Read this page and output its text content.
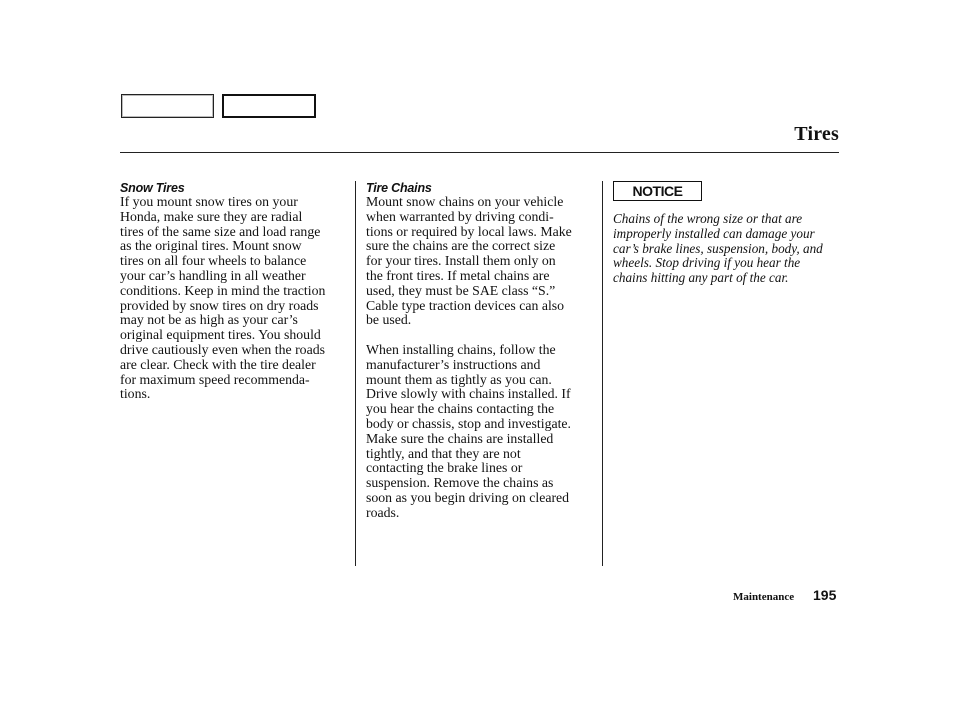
Tires
Snow Tires

If you mount snow tires on your
Honda, make sure they are radial
tires of the same size and load range
as the original tires. Mount snow
tires on all four wheels to balance
your car’s handling in all weather
conditions. Keep in mind the traction
provided by snow tires on dry roads
may not be as high as your car’s
original equipment tires. You should
drive cautiously even when the roads
are clear. Check with the tire dealer
for maximum speed recommenda-
tions.

Tire Chains

Mount snow chains on your vehicle
when warranted by driving condi-
tions or required by local laws. Make
sure the chains are the correct size
for your tires. Install them only on
the front tires. If metal chains are
used, they must be SAE class “S.”
Cable type traction devices can also
be used.

When installing chains, follow the
manufacturer’s instructions and
mount them as tightly as you can.
Drive slowly with chains installed. If
you hear the chains contacting the
body or chassis, stop and investigate.
Make sure the chains are installed
tightly, and that they are not
contacting the brake lines or
suspension. Remove the chains as
soon as you begin driving on cleared
roads.

NOTICE

Chains of the wrong size or that are
improperly installed can damage your
car’s brake lines, suspension, body, and
wheels. Stop driving if you hear the
chains hitting any part of the car.

Maintenance 195
